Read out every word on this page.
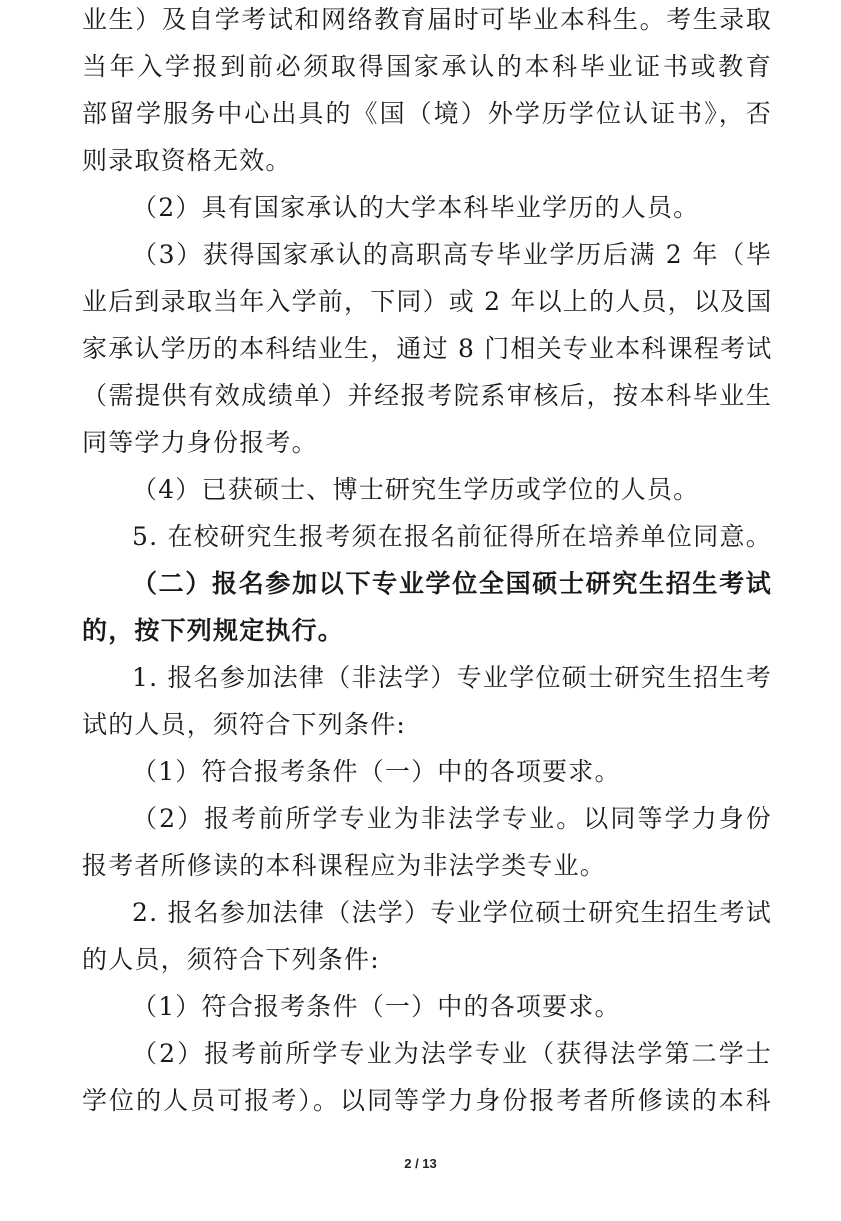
业生）及自学考试和网络教育届时可毕业本科生。考生录取
当年入学报到前必须取得国家承认的本科毕业证书或教育
部留学服务中心出具的《国（境）外学历学位认证书》，否
则录取资格无效。
（2）具有国家承认的大学本科毕业学历的人员。
（3）获得国家承认的高职高专毕业学历后满 2 年（毕
业后到录取当年入学前，下同）或 2 年以上的人员，以及国
家承认学历的本科结业生，通过 8 门相关专业本科课程考试
（需提供有效成绩单）并经报考院系审核后，按本科毕业生
同等学力身份报考。
（4）已获硕士、博士研究生学历或学位的人员。
5. 在校研究生报考须在报名前征得所在培养单位同意。
（二）报名参加以下专业学位全国硕士研究生招生考试
的，按下列规定执行。
1. 报名参加法律（非法学）专业学位硕士研究生招生考
试的人员，须符合下列条件:
（1）符合报考条件（一）中的各项要求。
（2）报考前所学专业为非法学专业。以同等学力身份
报考者所修读的本科课程应为非法学类专业。
2. 报名参加法律（法学）专业学位硕士研究生招生考试
的人员，须符合下列条件:
（1）符合报考条件（一）中的各项要求。
（2）报考前所学专业为法学专业（获得法学第二学士
学位的人员可报考）。以同等学力身份报考者所修读的本科
2 / 13
